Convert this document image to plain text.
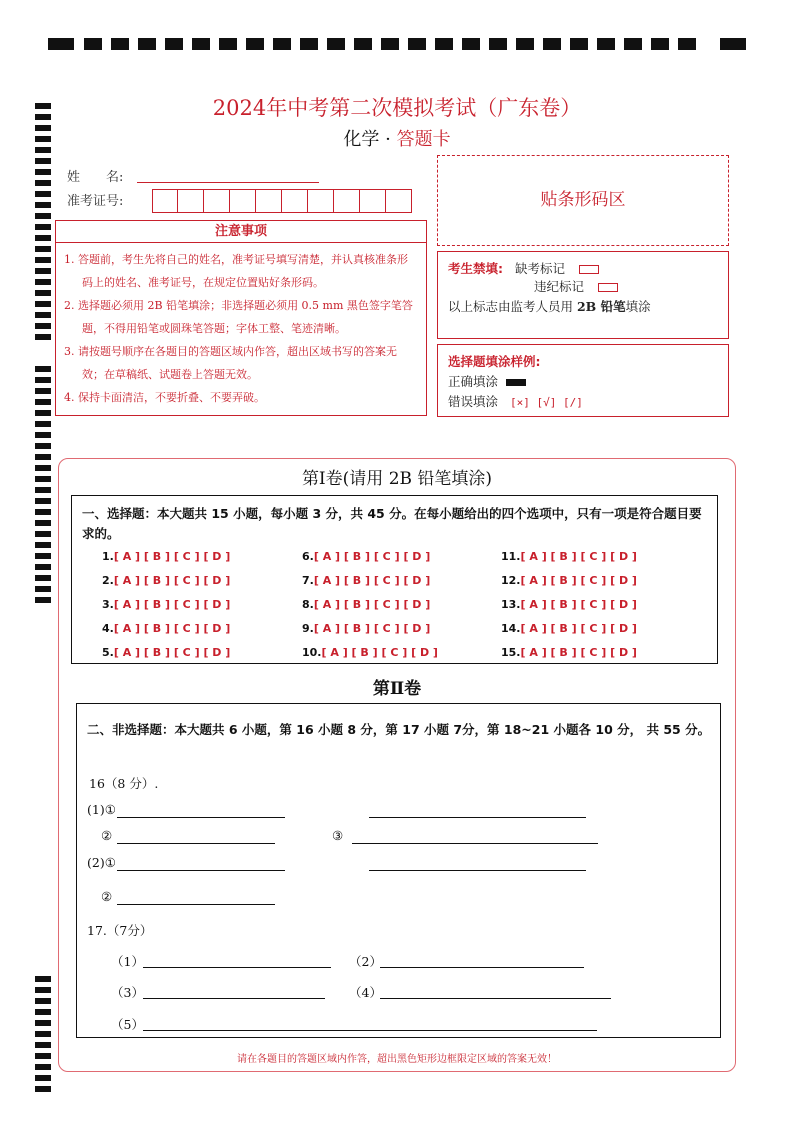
2024年中考第二次模拟考试（广东卷）
化学 · 答题卡
姓　　名:
准考证号:
注意事项
1. 答题前，考生先将自己的姓名，准考证号填写清楚，并认真核准条形码上的姓名、准考证号，在规定位置贴好条形码。
2. 选择题必须用 2B 铅笔填涂；非选择题必须用 0.5 mm 黑色签字笔答题，不得用铅笔或圆珠笔答题；字体工整、笔迹清晰。
3. 请按题号顺序在各题目的答题区域内作答，超出区域书写的答案无效；在草稿纸、试题卷上答题无效。
4. 保持卡面清洁，不要折叠、不要弄破。
贴条形码区
考生禁填: 缺考标记
违纪标记
以上标志由监考人员用 2B 铅笔填涂
选择题填涂样例:
正确填涂
错误填涂 [×] [√] [/]
第Ⅰ卷(请用 2B 铅笔填涂)
一、选择题：本大题共 15 小题，每小题 3 分，共 45 分。在每小题给出的四个选项中，只有一项是符合题目要求的。
1.[ A ] [ B ] [ C ] [ D ]
2.[ A ] [ B ] [ C ] [ D ]
3.[ A ] [ B ] [ C ] [ D ]
4.[ A ] [ B ] [ C ] [ D ]
5.[ A ] [ B ] [ C ] [ D ]
6.[ A ] [ B ] [ C ] [ D ]
7.[ A ] [ B ] [ C ] [ D ]
8.[ A ] [ B ] [ C ] [ D ]
9.[ A ] [ B ] [ C ] [ D ]
10.[ A ] [ B ] [ C ] [ D ]
11.[ A ] [ B ] [ C ] [ D ]
12.[ A ] [ B ] [ C ] [ D ]
13.[ A ] [ B ] [ C ] [ D ]
14.[ A ] [ B ] [ C ] [ D ]
15.[ A ] [ B ] [ C ] [ D ]
第Ⅱ卷
二、非选择题：本大题共 6 小题，第 16 小题 8 分，第 17 小题 7分，第 18~21 小题各 10 分， 共 55 分。
16（8 分）.
(1)①
②	③
(2)①
②
17.（7分）
（1）	（2）
（3）	（4）
（5）
请在各题目的答题区域内作答，超出黑色矩形边框限定区域的答案无效！
